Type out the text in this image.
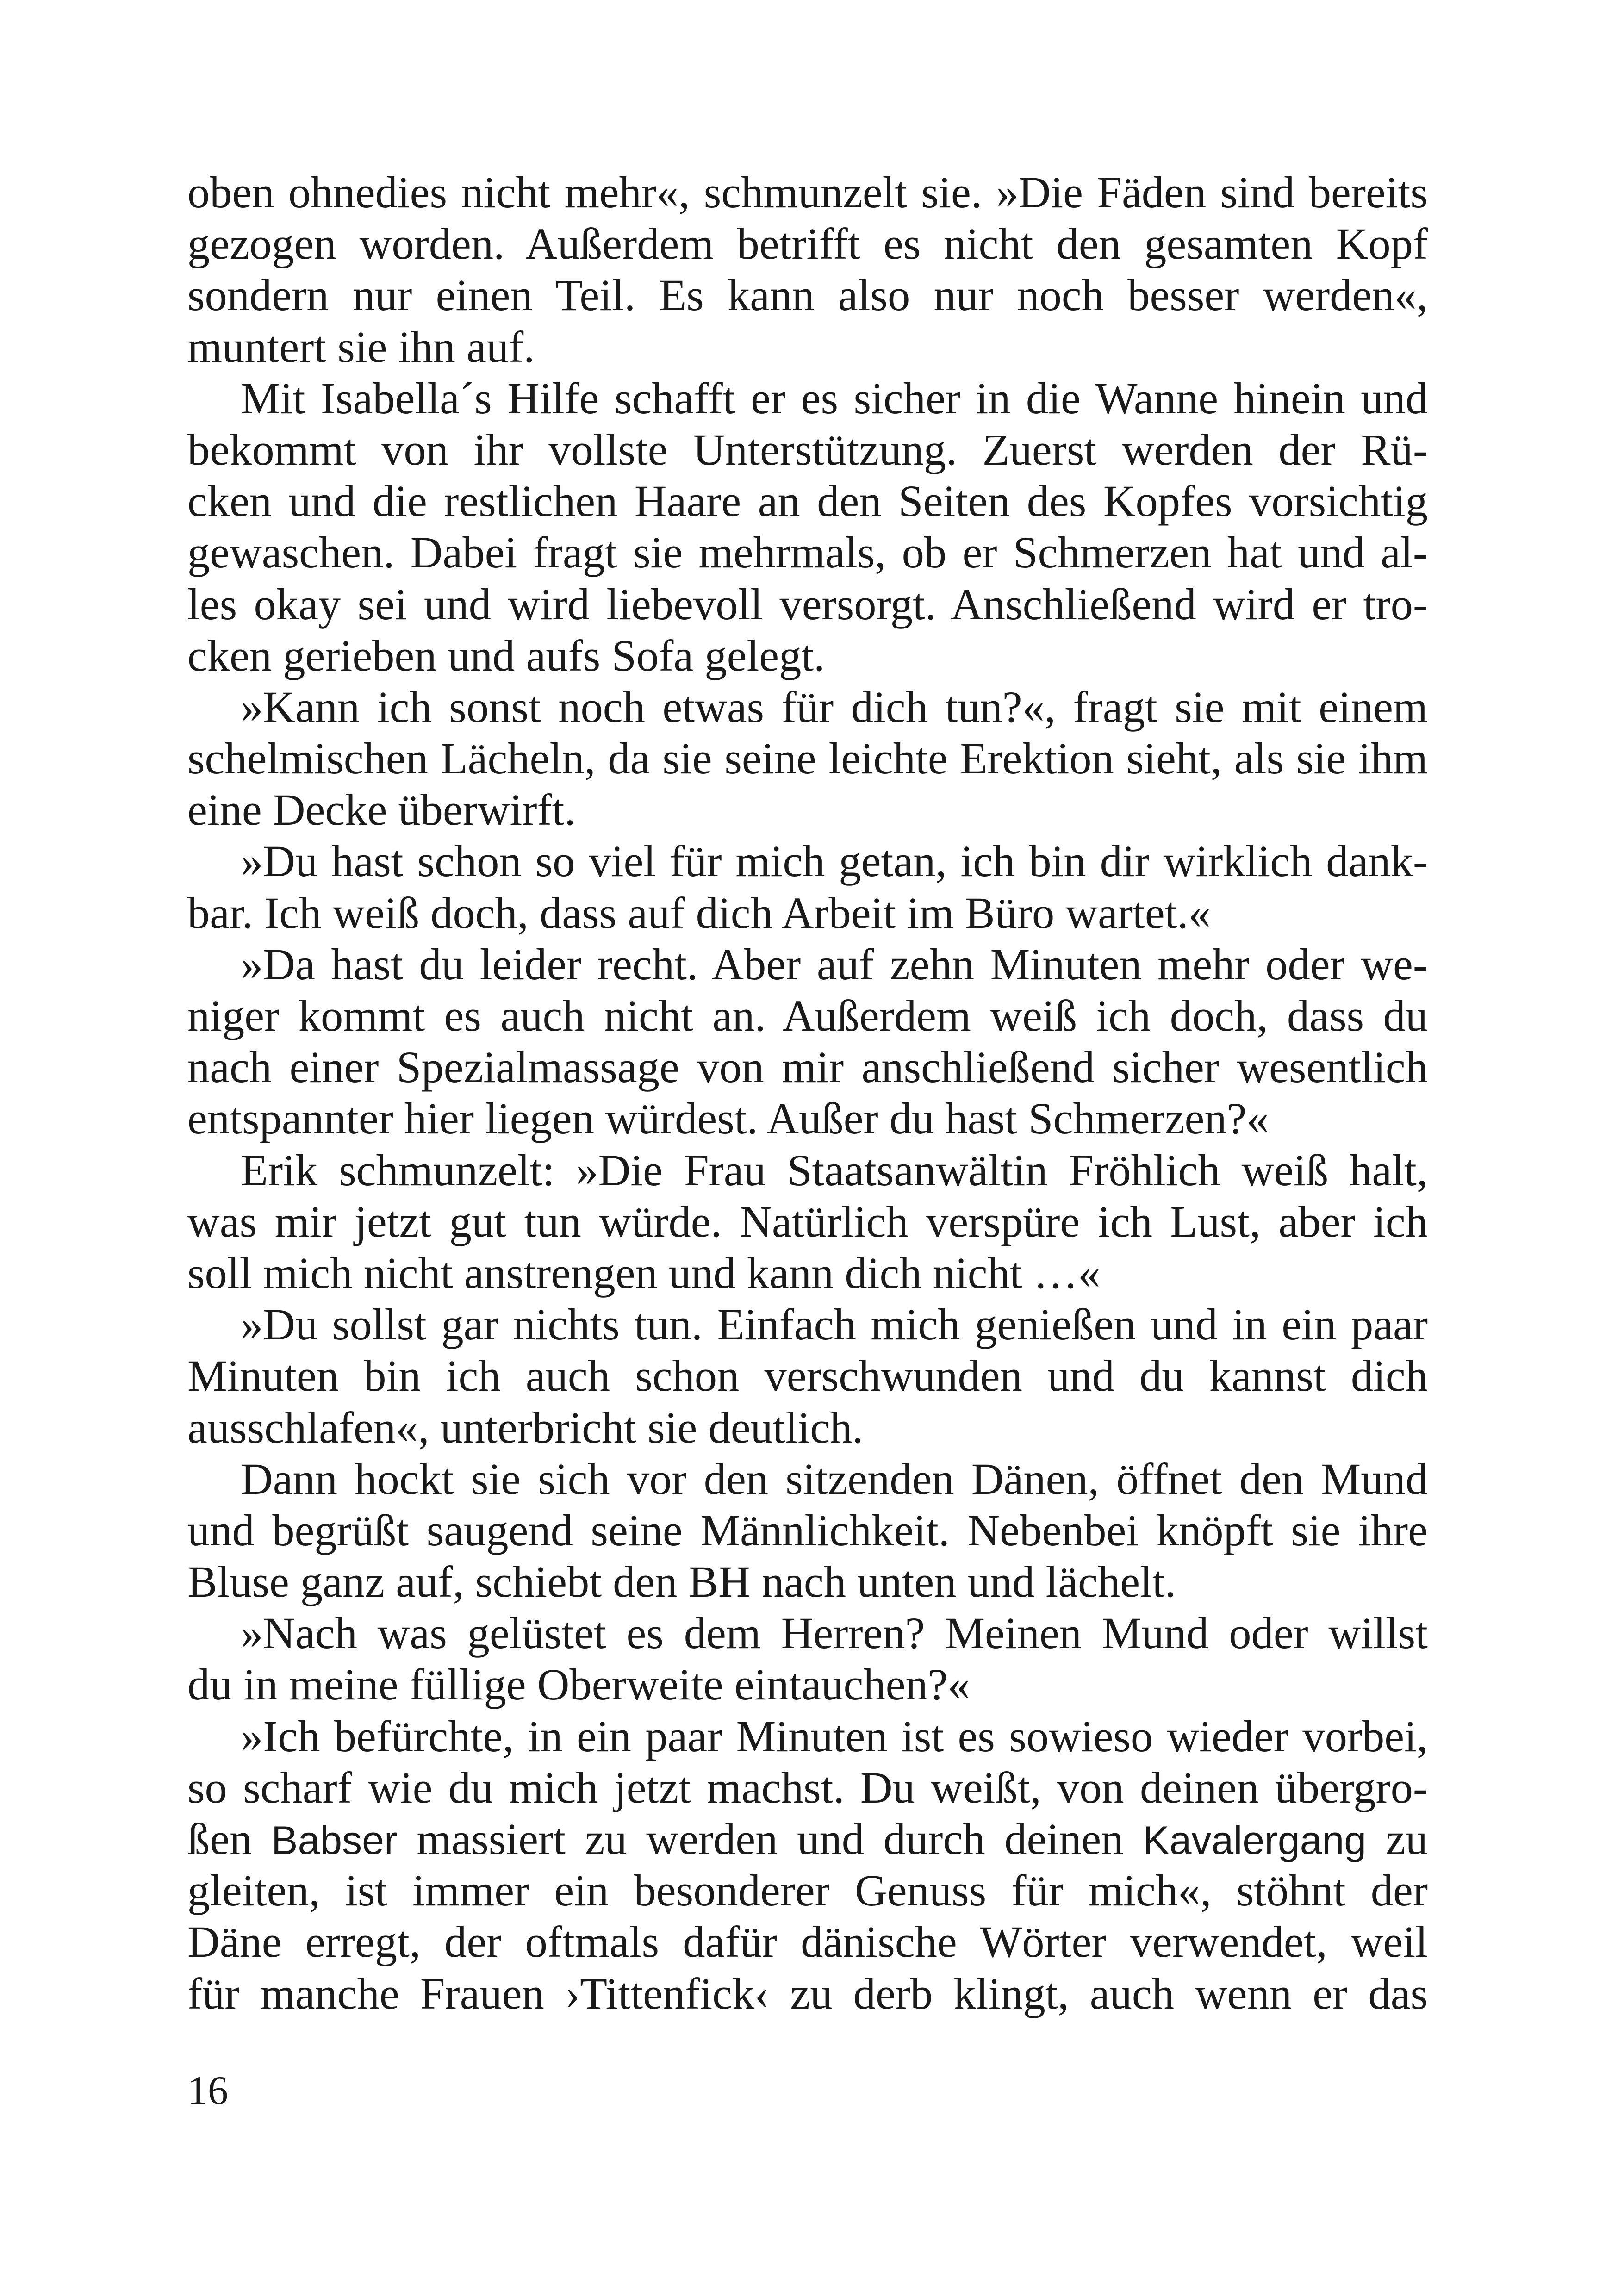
oben ohnedies nicht mehr«, schmunzelt sie. »Die Fäden sind bereits
gezogen worden. Außerdem betrifft es nicht den gesamten Kopf
sondern nur einen Teil. Es kann also nur noch besser werden«,
muntert sie ihn auf.
Mit Isabella´s Hilfe schafft er es sicher in die Wanne hinein und
bekommt von ihr vollste Unterstützung. Zuerst werden der Rü-
cken und die restlichen Haare an den Seiten des Kopfes vorsichtig
gewaschen. Dabei fragt sie mehrmals, ob er Schmerzen hat und al-
les okay sei und wird liebevoll versorgt. Anschließend wird er tro-
cken gerieben und aufs Sofa gelegt.
»Kann ich sonst noch etwas für dich tun?«, fragt sie mit einem
schelmischen Lächeln, da sie seine leichte Erektion sieht, als sie ihm
eine Decke überwirft.
»Du hast schon so viel für mich getan, ich bin dir wirklich dank-
bar. Ich weiß doch, dass auf dich Arbeit im Büro wartet.«
»Da hast du leider recht. Aber auf zehn Minuten mehr oder we-
niger kommt es auch nicht an. Außerdem weiß ich doch, dass du
nach einer Spezialmassage von mir anschließend sicher wesentlich
entspannter hier liegen würdest. Außer du hast Schmerzen?«
Erik schmunzelt: »Die Frau Staatsanwältin Fröhlich weiß halt,
was mir jetzt gut tun würde. Natürlich verspüre ich Lust, aber ich
soll mich nicht anstrengen und kann dich nicht …«
»Du sollst gar nichts tun. Einfach mich genießen und in ein paar
Minuten bin ich auch schon verschwunden und du kannst dich
ausschlafen«, unterbricht sie deutlich.
Dann hockt sie sich vor den sitzenden Dänen, öffnet den Mund
und begrüßt saugend seine Männlichkeit. Nebenbei knöpft sie ihre
Bluse ganz auf, schiebt den BH nach unten und lächelt.
»Nach was gelüstet es dem Herren? Meinen Mund oder willst
du in meine füllige Oberweite eintauchen?«
»Ich befürchte, in ein paar Minuten ist es sowieso wieder vorbei,
so scharf wie du mich jetzt machst. Du weißt, von deinen übergro-
ßen Babser massiert zu werden und durch deinen Kavalergang zu
gleiten, ist immer ein besonderer Genuss für mich«, stöhnt der
Däne erregt, der oftmals dafür dänische Wörter verwendet, weil
für manche Frauen ›Tittenfick‹ zu derb klingt, auch wenn er das
16
